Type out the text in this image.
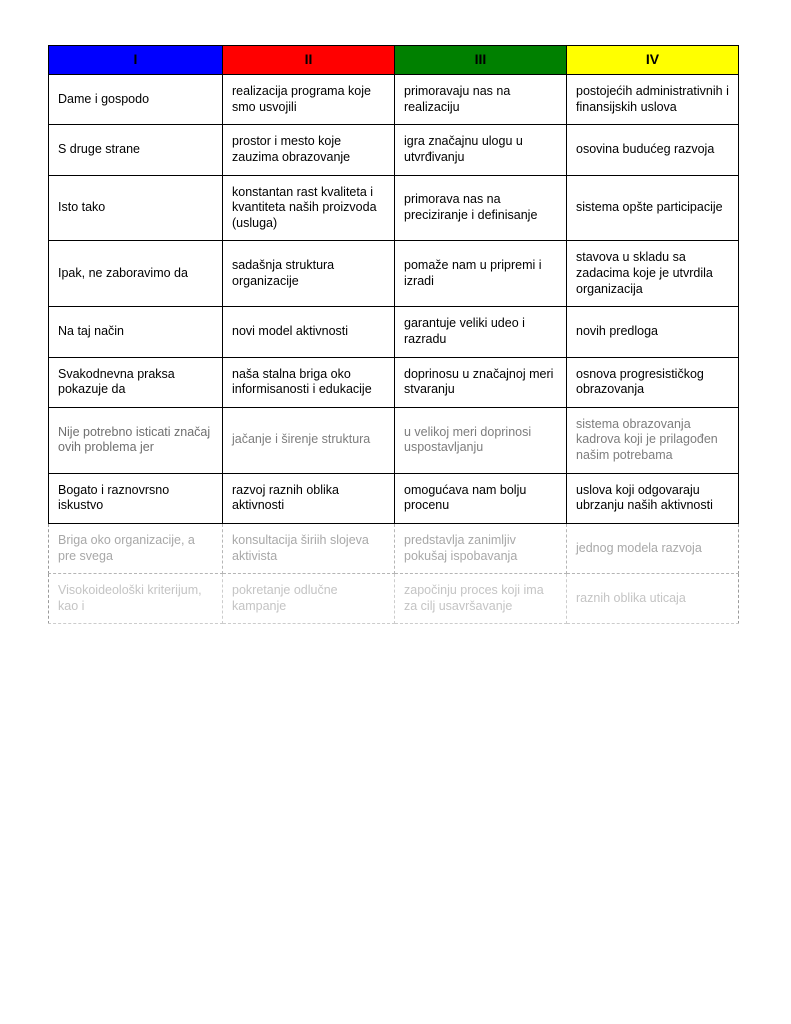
I	II	III	IV
Dame i gospodo	realizacija programa koje smo usvojili	primoravaju nas na realizaciju	postojećih administrativnih i finansijskih uslova
S druge strane	prostor i mesto koje zauzima obrazovanje	igra značajnu ulogu u utvrđivanju	osovina budućeg razvoja
Isto tako	konstantan rast kvaliteta i kvantiteta naših proizvoda (usluga)	primorava nas na preciziranje i definisanje	sistema opšte participacije
Ipak, ne zaboravimo da	sadašnja struktura organizacije	pomaže nam u pripremi i izradi	stavova u skladu sa zadacima koje je utvrdila organizacija
Na taj način	novi model aktivnosti	garantuje veliki udeo i razradu	novih predloga
Svakodnevna praksa pokazuje da	naša stalna briga oko informisanosti i edukacije	doprinosu u značajnoj meri stvaranju	osnova progresističkog obrazovanja
Nije potrebno isticati značaj ovih problema jer	jačanje i širenje struktura	u velikoj meri doprinosi uspostavljanju	sistema obrazovanja kadrova koji je prilagođen našim potrebama
Bogato i raznovrsno iskustvo	razvoj raznih oblika aktivnosti	omogućava nam bolju procenu	uslova koji odgovaraju ubrzanju naših aktivnosti
Briga oko organizacije, a pre svega	konsultacija širiih slojeva aktivista	predstavlja zanimljiv pokušaj ispobavanja	jednog modela razvoja
Visokoideološki kriterijum, kao i	pokretanje odlučne kampanje	započinju proces koji ima za cilj usavršavanje	raznih oblika uticaja
